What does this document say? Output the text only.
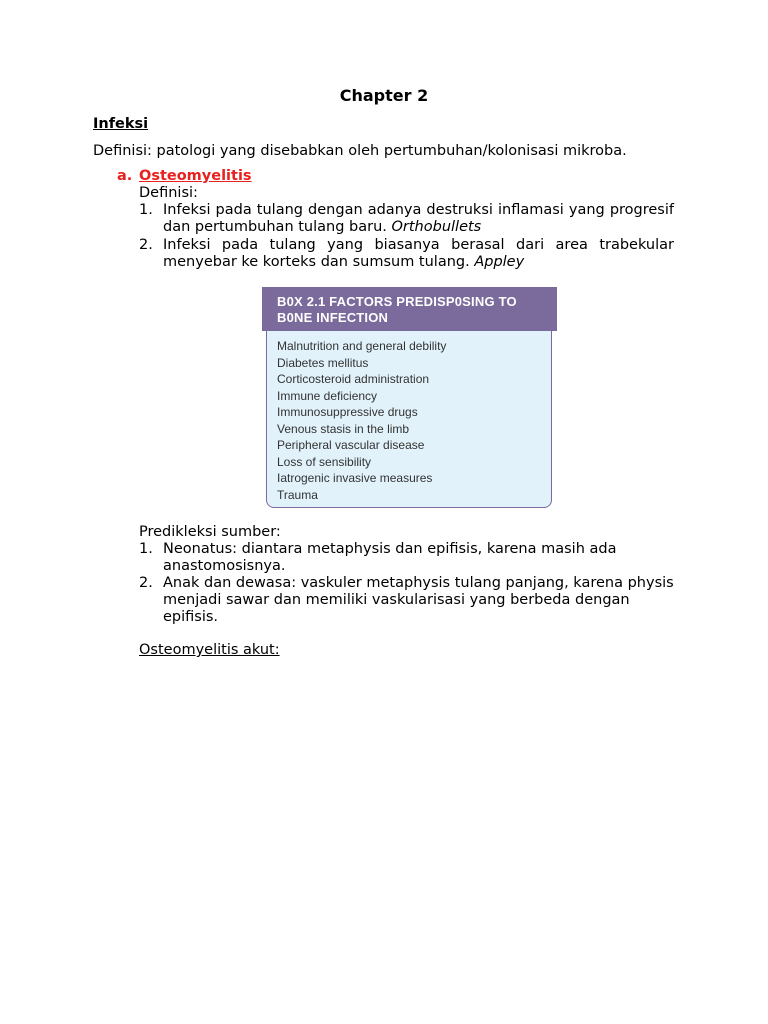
Chapter 2
Infeksi
Definisi: patologi yang disebabkan oleh pertumbuhan/kolonisasi mikroba.
a. Osteomyelitis
Definisi:
1. Infeksi pada tulang dengan adanya destruksi inflamasi yang progresif dan pertumbuhan tulang baru. Orthobullets
2. Infeksi pada tulang yang biasanya berasal dari area trabekular menyebar ke korteks dan sumsum tulang. Appley
Malnutrition and general debility
Diabetes mellitus
Corticosteroid administration
Immune deficiency
Immunosuppressive drugs
Venous stasis in the limb
Peripheral vascular disease
Loss of sensibility
Iatrogenic invasive measures
Trauma
B0X 2.1 FACTORS PREDISP0SING TO
B0NE INFECTION
Predikleksi sumber:
1. Neonatus: diantara metaphysis dan epifisis, karena masih ada anastomosisnya.
2. Anak dan dewasa: vaskuler metaphysis tulang panjang, karena physis menjadi sawar dan memiliki vaskularisasi yang berbeda dengan epifisis.
Osteomyelitis akut:
